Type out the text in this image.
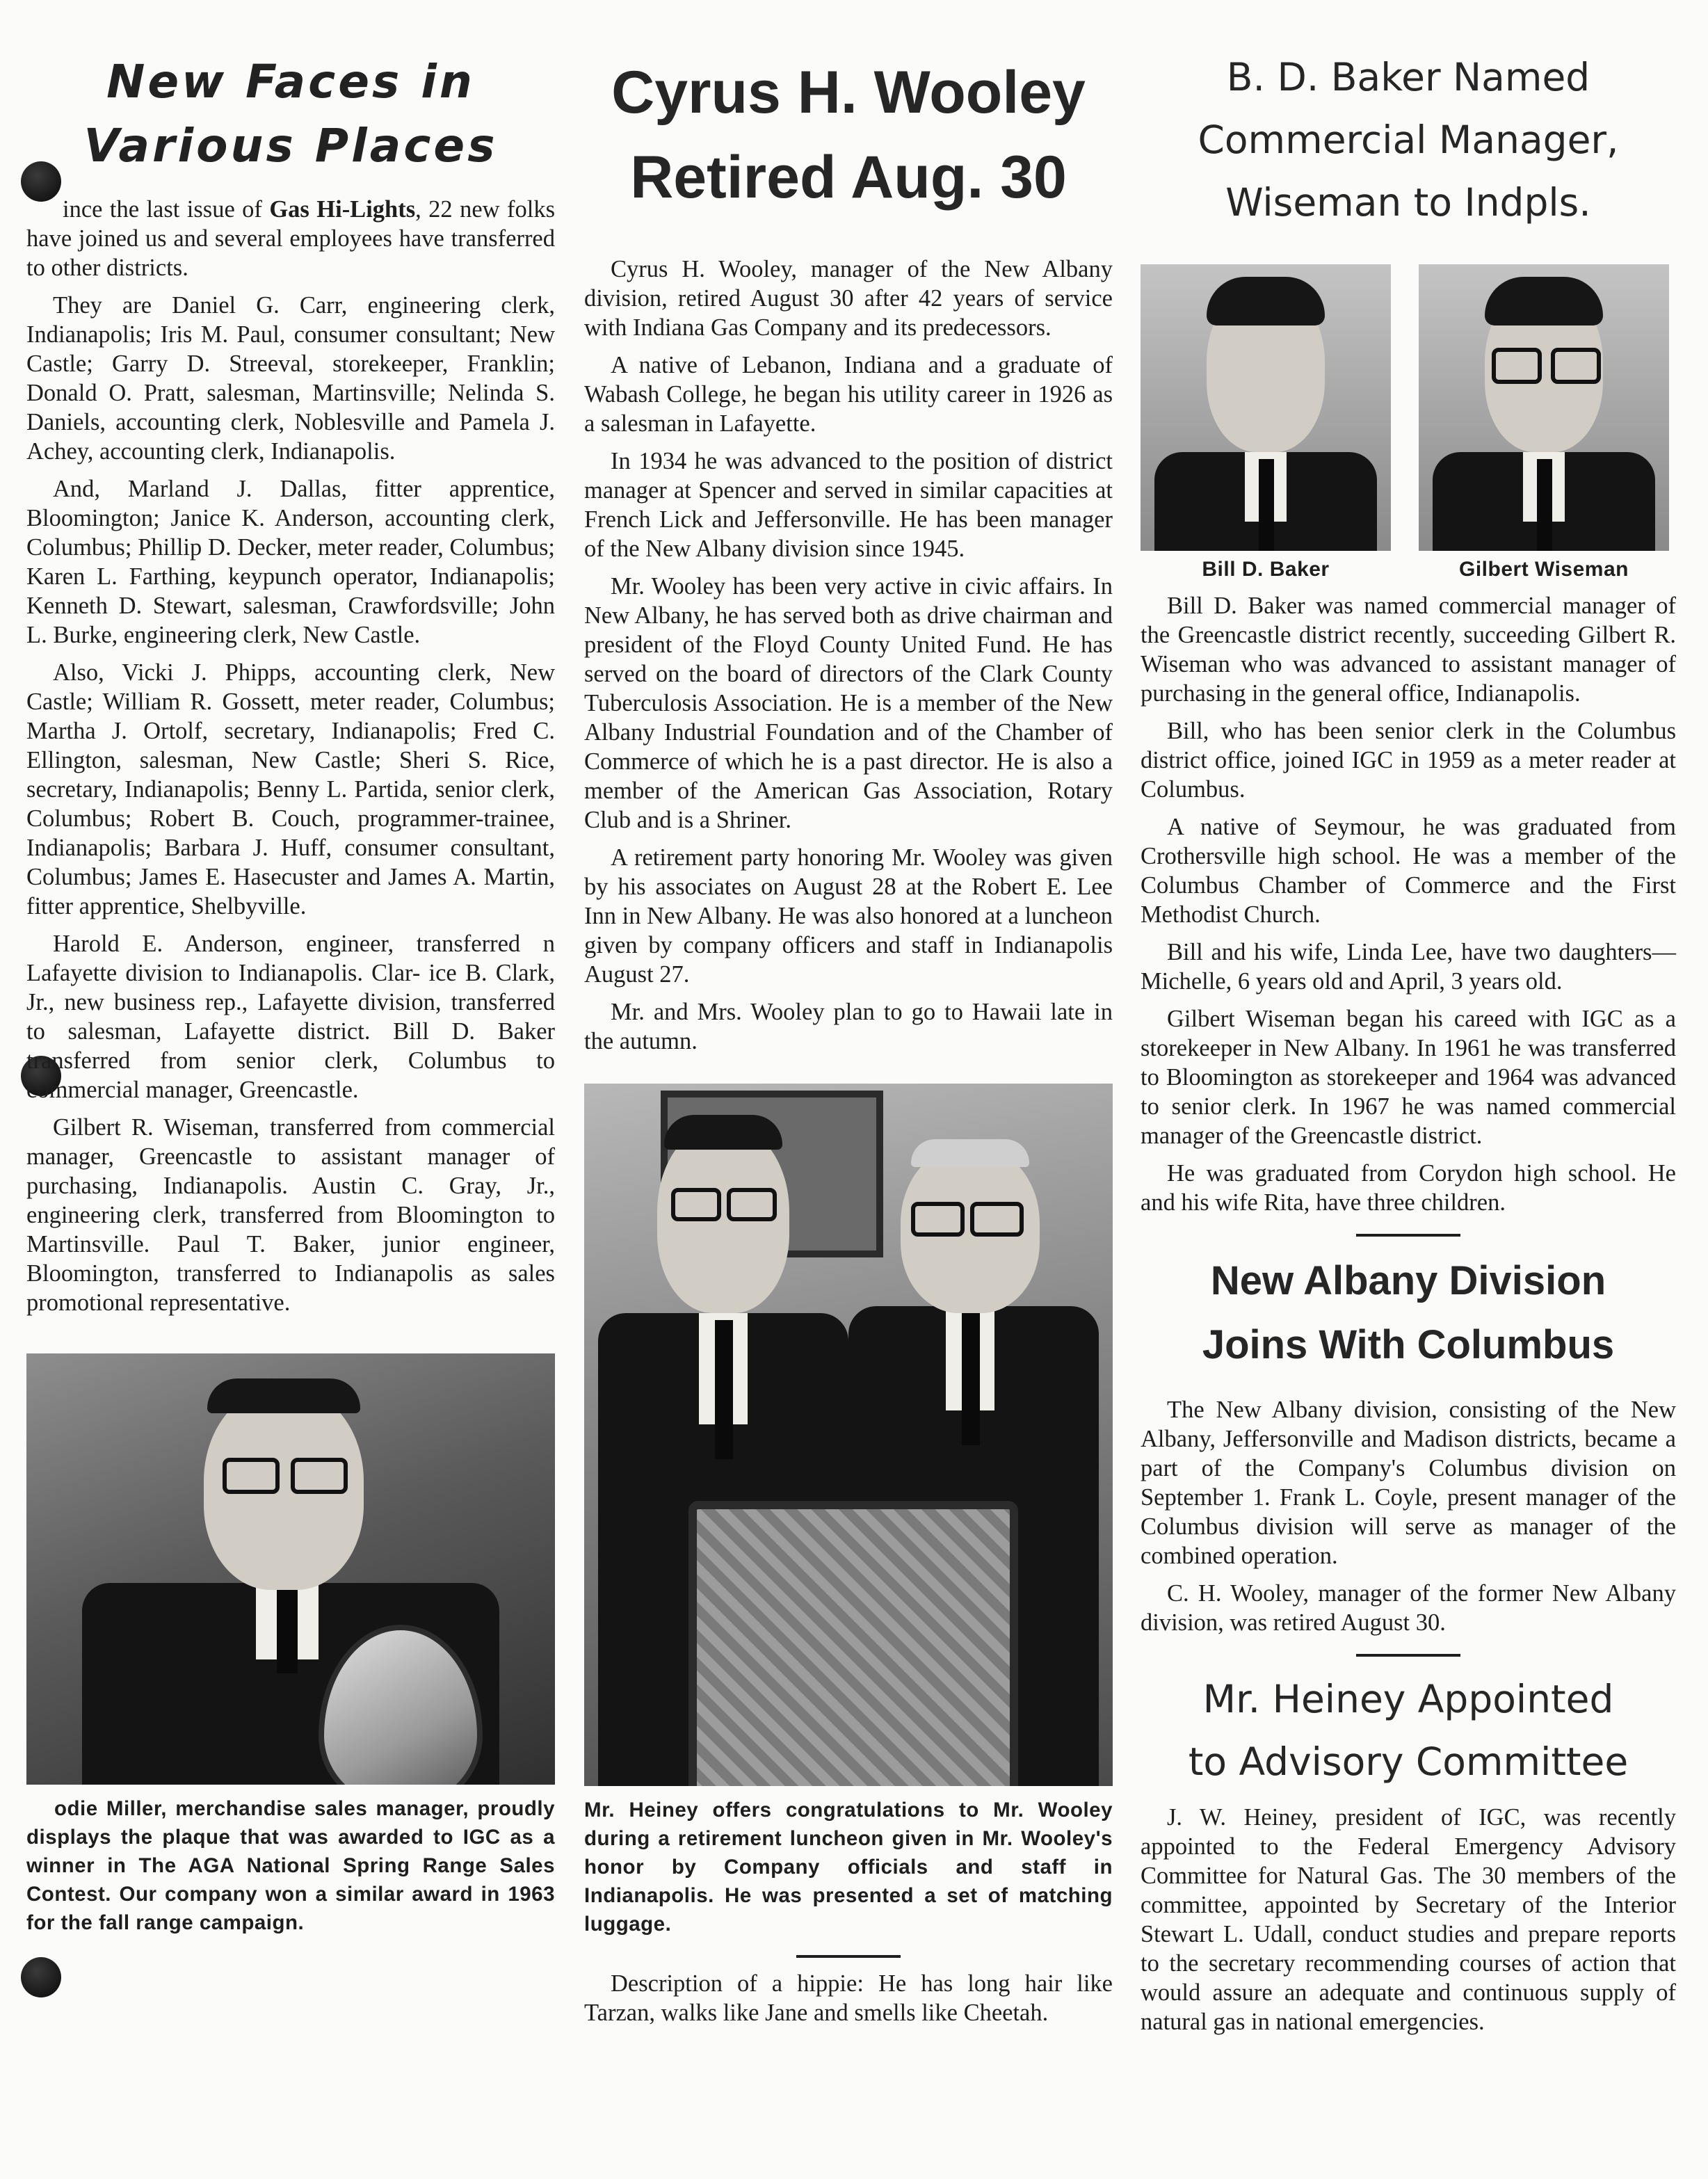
New Faces in
Various Places

ince the last issue of Gas Hi-Lights, 22 new folks have joined us and several employees have transferred to other districts.

They are Daniel G. Carr, engineering clerk, Indianapolis; Iris M. Paul, consumer consultant; New Castle; Garry D. Streeval, storekeeper, Franklin; Donald O. Pratt, salesman, Martinsville; Nelinda S. Daniels, accounting clerk, Noblesville and Pamela J. Achey, accounting clerk, Indianapolis.

And, Marland J. Dallas, fitter apprentice, Bloomington; Janice K. Anderson, accounting clerk, Columbus; Phillip D. Decker, meter reader, Columbus; Karen L. Farthing, keypunch operator, Indianapolis; Kenneth D. Stewart, salesman, Crawfordsville; John L. Burke, engineering clerk, New Castle.

Also, Vicki J. Phipps, accounting clerk, New Castle; William R. Gossett, meter reader, Columbus; Martha J. Ortolf, secretary, Indianapolis; Fred C. Ellington, salesman, New Castle; Sheri S. Rice, secretary, Indianapolis; Benny L. Partida, senior clerk, Columbus; Robert B. Couch, programmer-trainee, Indianapolis; Barbara J. Huff, consumer consultant, Columbus; James E. Hasecuster and James A. Martin, fitter apprentice, Shelbyville.

Harold E. Anderson, engineer, transferred n Lafayette division to Indianapolis. Clar- ice B. Clark, Jr., new business rep., Lafayette division, transferred to salesman, Lafayette district. Bill D. Baker transferred from senior clerk, Columbus to commercial manager, Greencastle.

Gilbert R. Wiseman, transferred from commercial manager, Greencastle to assistant manager of purchasing, Indianapolis. Austin C. Gray, Jr., engineering clerk, transferred from Bloomington to Martinsville. Paul T. Baker, junior engineer, Bloomington, transferred to Indianapolis as sales promotional representative.

odie Miller, merchandise sales manager, proudly displays the plaque that was awarded to IGC as a winner in The AGA National Spring Range Sales Contest. Our company won a similar award in 1963 for the fall range campaign.
Cyrus H. Wooley
Retired Aug. 30

Cyrus H. Wooley, manager of the New Albany division, retired August 30 after 42 years of service with Indiana Gas Company and its predecessors.

A native of Lebanon, Indiana and a graduate of Wabash College, he began his utility career in 1926 as a salesman in Lafayette.

In 1934 he was advanced to the position of district manager at Spencer and served in similar capacities at French Lick and Jeffersonville. He has been manager of the New Albany division since 1945.

Mr. Wooley has been very active in civic affairs. In New Albany, he has served both as drive chairman and president of the Floyd County United Fund. He has served on the board of directors of the Clark County Tuberculosis Association. He is a member of the New Albany Industrial Foundation and of the Chamber of Commerce of which he is a past director. He is also a member of the American Gas Association, Rotary Club and is a Shriner.

A retirement party honoring Mr. Wooley was given by his associates on August 28 at the Robert E. Lee Inn in New Albany. He was also honored at a luncheon given by company officers and staff in Indianapolis August 27.

Mr. and Mrs. Wooley plan to go to Hawaii late in the autumn.

Mr. Heiney offers congratulations to Mr. Wooley during a retirement luncheon given in Mr. Wooley's honor by Company officials and staff in Indianapolis. He was presented a set of matching luggage.

Description of a hippie: He has long hair like Tarzan, walks like Jane and smells like Cheetah.

B. D. Baker Named
Commercial Manager,
Wiseman to Indpls.
Bill D. Baker	Gilbert Wiseman

Bill D. Baker was named commercial manager of the Greencastle district recently, succeeding Gilbert R. Wiseman who was advanced to assistant manager of purchasing in the general office, Indianapolis.

Bill, who has been senior clerk in the Columbus district office, joined IGC in 1959 as a meter reader at Columbus.

A native of Seymour, he was graduated from Crothersville high school. He was a member of the Columbus Chamber of Commerce and the First Methodist Church.

Bill and his wife, Linda Lee, have two daughters—Michelle, 6 years old and April, 3 years old.

Gilbert Wiseman began his careed with IGC as a storekeeper in New Albany. In 1961 he was transferred to Bloomington as storekeeper and 1964 was advanced to senior clerk. In 1967 he was named commercial manager of the Greencastle district.

He was graduated from Corydon high school. He and his wife Rita, have three children.

New Albany Division
Joins With Columbus

The New Albany division, consisting of the New Albany, Jeffersonville and Madison districts, became a part of the Company's Columbus division on September 1. Frank L. Coyle, present manager of the Columbus division will serve as manager of the combined operation.

C. H. Wooley, manager of the former New Albany division, was retired August 30.

Mr. Heiney Appointed
to Advisory Committee

J. W. Heiney, president of IGC, was recently appointed to the Federal Emergency Advisory Committee for Natural Gas. The 30 members of the committee, appointed by Secretary of the Interior Stewart L. Udall, conduct studies and prepare reports to the secretary recommending courses of action that would assure an adequate and continuous supply of natural gas in national emergencies.
